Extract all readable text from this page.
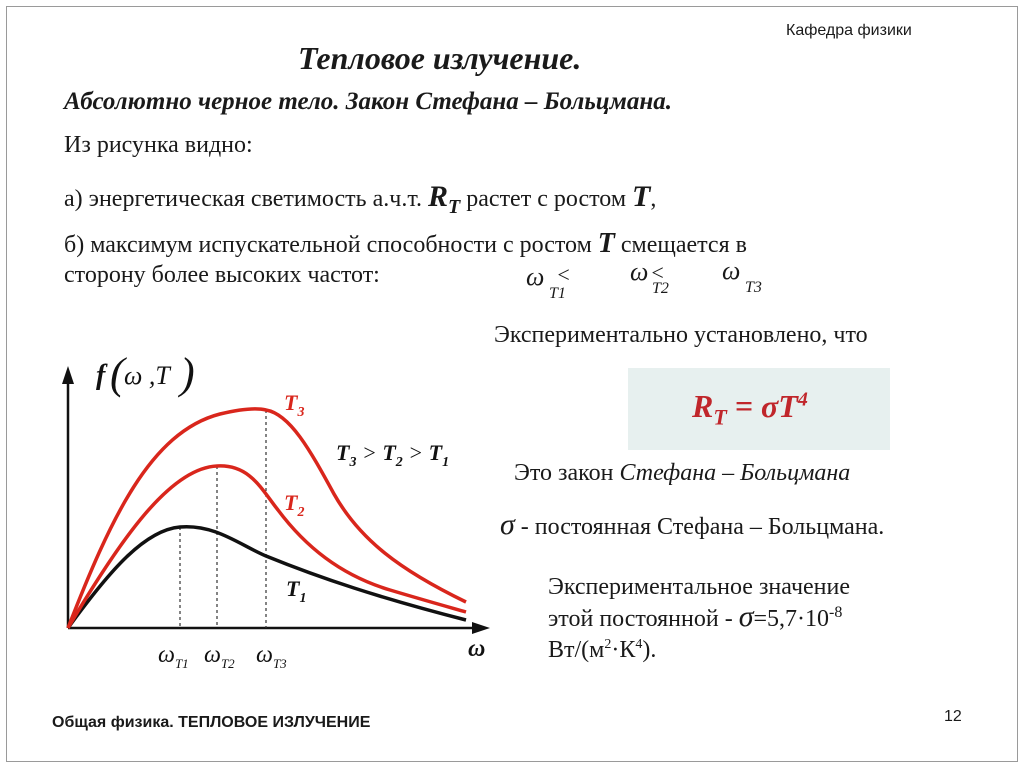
Кафедра физики
Тепловое излучение.
Абсолютно черное тело. Закон Стефана – Больцмана.
Из рисунка видно:
а) энергетическая светимость а.ч.т. $R_T$ растет с ростом T,
б) максимум испускательной способности с ростом T смещается в
сторону более высоких частот:
Экспериментально установлено, что
$R_T = \sigma T^4$
Это закон Стефана – Больцмана
σ - постоянная Стефана – Больцмана.
Экспериментальное значение
этой постоянной - $\sigma=5,7\cdot 10^{-8}$
$Вт/(м^2\cdot К^4)$.
ω
T1
< ω
T2
< ω
T3
f ( ω ,T )
$T_3$
$T_2$
$T_1$
$T_3 > T_2 > T_1$
ω
$\omega_{T1}$ $\omega_{T2}$ $\omega_{T3}$
Общая физика. ТЕПЛОВОЕ ИЗЛУЧЕНИЕ	12
